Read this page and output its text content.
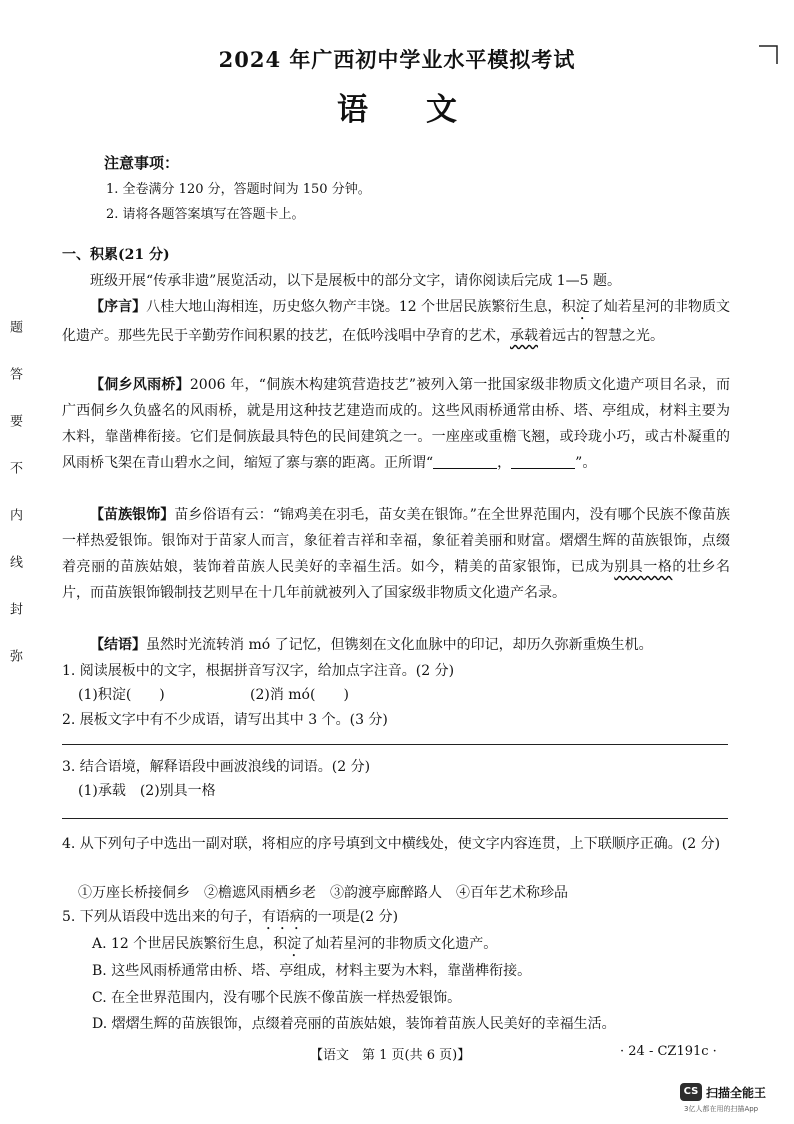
2024 年广西初中学业水平模拟考试
语文
注意事项：
1. 全卷满分 120 分，答题时间为 150 分钟。
2. 请将各题答案填写在答题卡上。
一、积累(21 分)
班级开展“传承非遗”展览活动，以下是展板中的部分文字，请你阅读后完成 1—5 题。
【序言】八桂大地山海相连，历史悠久物产丰饶。12 个世居民族繁衍生息，积淀了灿若星河的非物质文化遗产。那些先民于辛勤劳作间积累的技艺，在低吟浅唱中孕育的艺术，承载着远古的智慧之光。
【侗乡风雨桥】2006 年，“侗族木构建筑营造技艺”被列入第一批国家级非物质文化遗产项目名录，而广西侗乡久负盛名的风雨桥，就是用这种技艺建造而成的。这些风雨桥通常由桥、塔、亭组成，材料主要为木料，靠凿榫衔接。它们是侗族最具特色的民间建筑之一。一座座或重檐飞翘，或玲珑小巧，或古朴凝重的风雨桥飞架在青山碧水之间，缩短了寨与寨的距离。正所谓“	，	”。
【苗族银饰】苗乡俗语有云：“锦鸡美在羽毛，苗女美在银饰。”在全世界范围内，没有哪个民族不像苗族一样热爱银饰。银饰对于苗家人而言，象征着吉祥和幸福，象征着美丽和财富。熠熠生辉的苗族银饰，点缀着亮丽的苗族姑娘，装饰着苗族人民美好的幸福生活。如今，精美的苗家银饰，已成为别具一格的壮乡名片，而苗族银饰锻制技艺则早在十几年前就被列入了国家级非物质文化遗产名录。
【结语】虽然时光流转消 mó 了记忆，但镌刻在文化血脉中的印记，却历久弥新重焕生机。
1. 阅读展板中的文字，根据拼音写汉字，给加点字注音。(2 分)
(1)积淀(　　)	(2)消 mó(　　)
2. 展板文字中有不少成语，请写出其中 3 个。(3 分)
3. 结合语境，解释语段中画波浪线的词语。(2 分)
(1)承载　(2)别具一格
4. 从下列句子中选出一副对联，将相应的序号填到文中横线处，使文字内容连贯，上下联顺序正确。(2 分)
①万座长桥接侗乡　②檐遮风雨栖乡老　③韵渡亭廊醉路人　④百年艺术称珍品
5. 下列从语段中选出来的句子，有语病的一项是(2 分)
A. 12 个世居民族繁衍生息，积淀了灿若星河的非物质文化遗产。
B. 这些风雨桥通常由桥、塔、亭组成，材料主要为木料，靠凿榫衔接。
C. 在全世界范围内，没有哪个民族不像苗族一样热爱银饰。
D. 熠熠生辉的苗族银饰，点缀着亮丽的苗族姑娘，装饰着苗族人民美好的幸福生活。
题
答
要
不
内
线
封
弥
【语文　第 1 页(共 6 页)】	· 24 - CZ191c ·
CS 扫描全能王
3亿人都在用的扫描App
